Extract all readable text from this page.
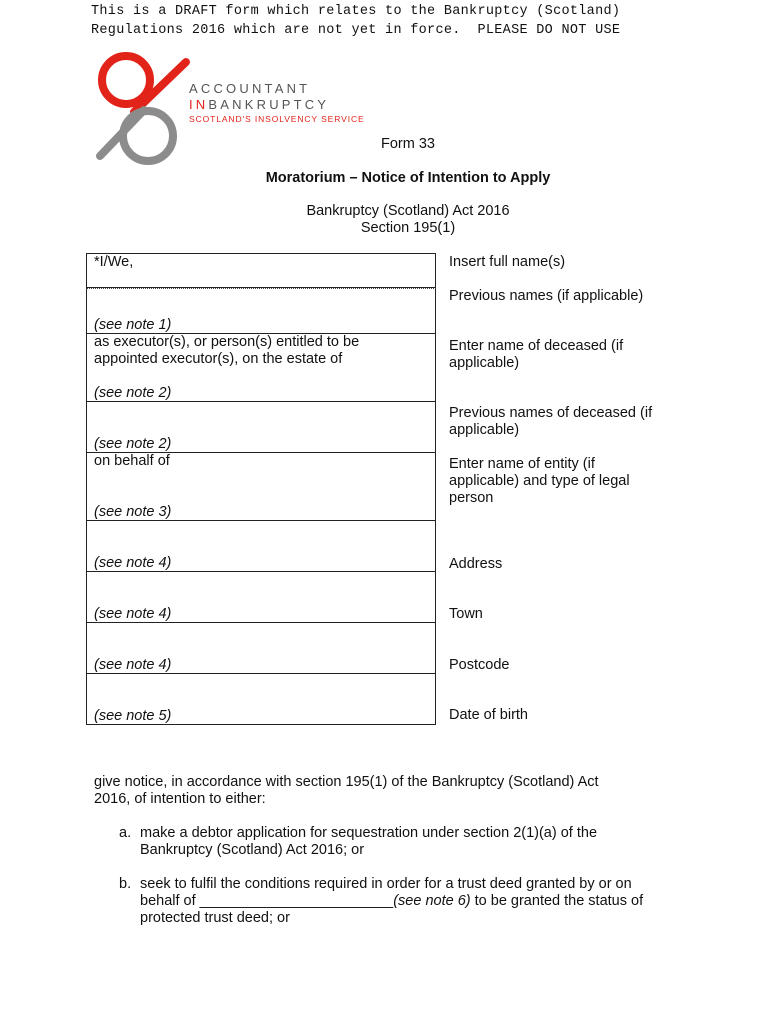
This is a DRAFT form which relates to the Bankruptcy (Scotland)
Regulations 2016 which are not yet in force.  PLEASE DO NOT USE
ACCOUNTANT
INBANKRUPTCY
SCOTLAND'S INSOLVENCY SERVICE
Form 33
Moratorium – Notice of Intention to Apply
Bankruptcy (Scotland) Act 2016
Section 195(1)
*I/We,
(see note 1)
as executor(s), or person(s) entitled to be
appointed executor(s), on the estate of
(see note 2)
(see note 2)
on behalf of
(see note 3)
(see note 4)
(see note 4)
(see note 4)
(see note 5)
Insert full name(s)
Previous names (if applicable)
Enter name of deceased (if
applicable)
Previous names of deceased (if
applicable)
Enter name of entity (if
applicable) and type of legal
person
Address
Town
Postcode
Date of birth
give notice, in accordance with section 195(1) of the Bankruptcy (Scotland) Act
2016, of intention to either:
a. make a debtor application for sequestration under section 2(1)(a) of the
Bankruptcy (Scotland) Act 2016; or
b. seek to fulfil the conditions required in order for a trust deed granted by or on
behalf of ________________________(see note 6) to be granted the status of
protected trust deed; or
